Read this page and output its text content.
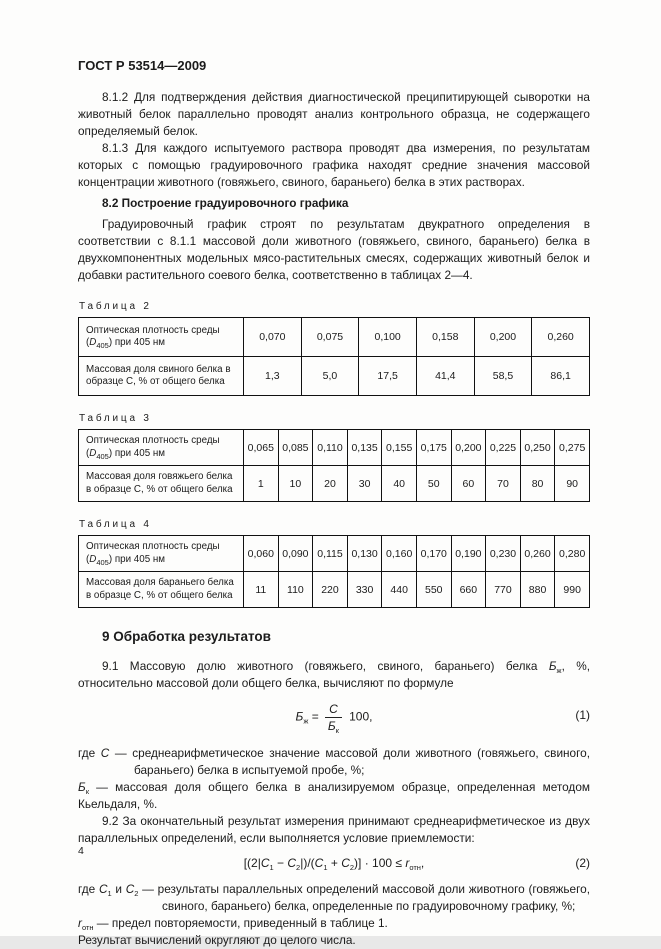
ГОСТ Р 53514—2009

8.1.2 Для подтверждения действия диагностической преципитирующей сыворотки на животный белок параллельно проводят анализ контрольного образца, не содержащего определяемый белок.

8.1.3 Для каждого испытуемого раствора проводят два измерения, по результатам которых с помощью градуировочного графика находят средние значения массовой концентрации животного (говяжьего, свиного, бараньего) белка в этих растворах.

8.2 Построение градуировочного графика

Градуировочный график строят по результатам двукратного определения в соответствии с 8.1.1 массовой доли животного (говяжьего, свиного, бараньего) белка в двухкомпонентных модельных мясо-растительных смесях, содержащих животный белок и добавки растительного соевого белка, соответственно в таблицах 2—4.

Таблица 2
Оптическая плотность среды
$(D_{405})$ при 405 нм	0,070	0,075	0,100	0,158	0,200	0,260
Массовая доля свиного белка в образце С, % от общего белка	1,3	5,0	17,5	41,4	58,5	86,1
Таблица 3
Оптическая плотность среды
$(D_{405})$ при 405 нм	0,065	0,085	0,110	0,135	0,155	0,175	0,200	0,225	0,250	0,275
Массовая доля говяжьего белка в образце С, % от общего белка	1	10	20	30	40	50	60	70	80	90
Таблица 4
Оптическая плотность среды
$(D_{405})$ при 405 нм	0,060	0,090	0,115	0,130	0,160	0,170	0,190	0,230	0,260	0,280
Массовая доля бараньего белка в образце С, % от общего белка	11	110	220	330	440	550	660	770	880	990
9 Обработка результатов

9.1 Массовую долю животного (говяжьего, свиного, бараньего) белка $Б_ж$, %, относительно массовой доли общего белка, вычисляют по формуле

$Б_ж = \frac{С}{Б_к} 100$,	(1)

где С — среднеарифметическое значение массовой доли животного (говяжьего, свиного, бараньего) белка в испытуемой пробе, %;

$Б_к$ — массовая доля общего белка в анализируемом образце, определенная методом Кьельдаля, %.

9.2 За окончательный результат измерения принимают среднеарифметическое из двух параллельных определений, если выполняется условие приемлемости:

$[(2|С_1 - С_2|)/(С_1 + С_2)] \cdot 100 \le r_{отн}$,	(2)

где $С_1$ и $С_2$ — результаты параллельных определений массовой доли животного (говяжьего, свиного, бараньего) белка, определенные по градуировочному графику, %;

$r_{отн}$ — предел повторяемости, приведенный в таблице 1.

Результат вычислений округляют до целого числа.

4
